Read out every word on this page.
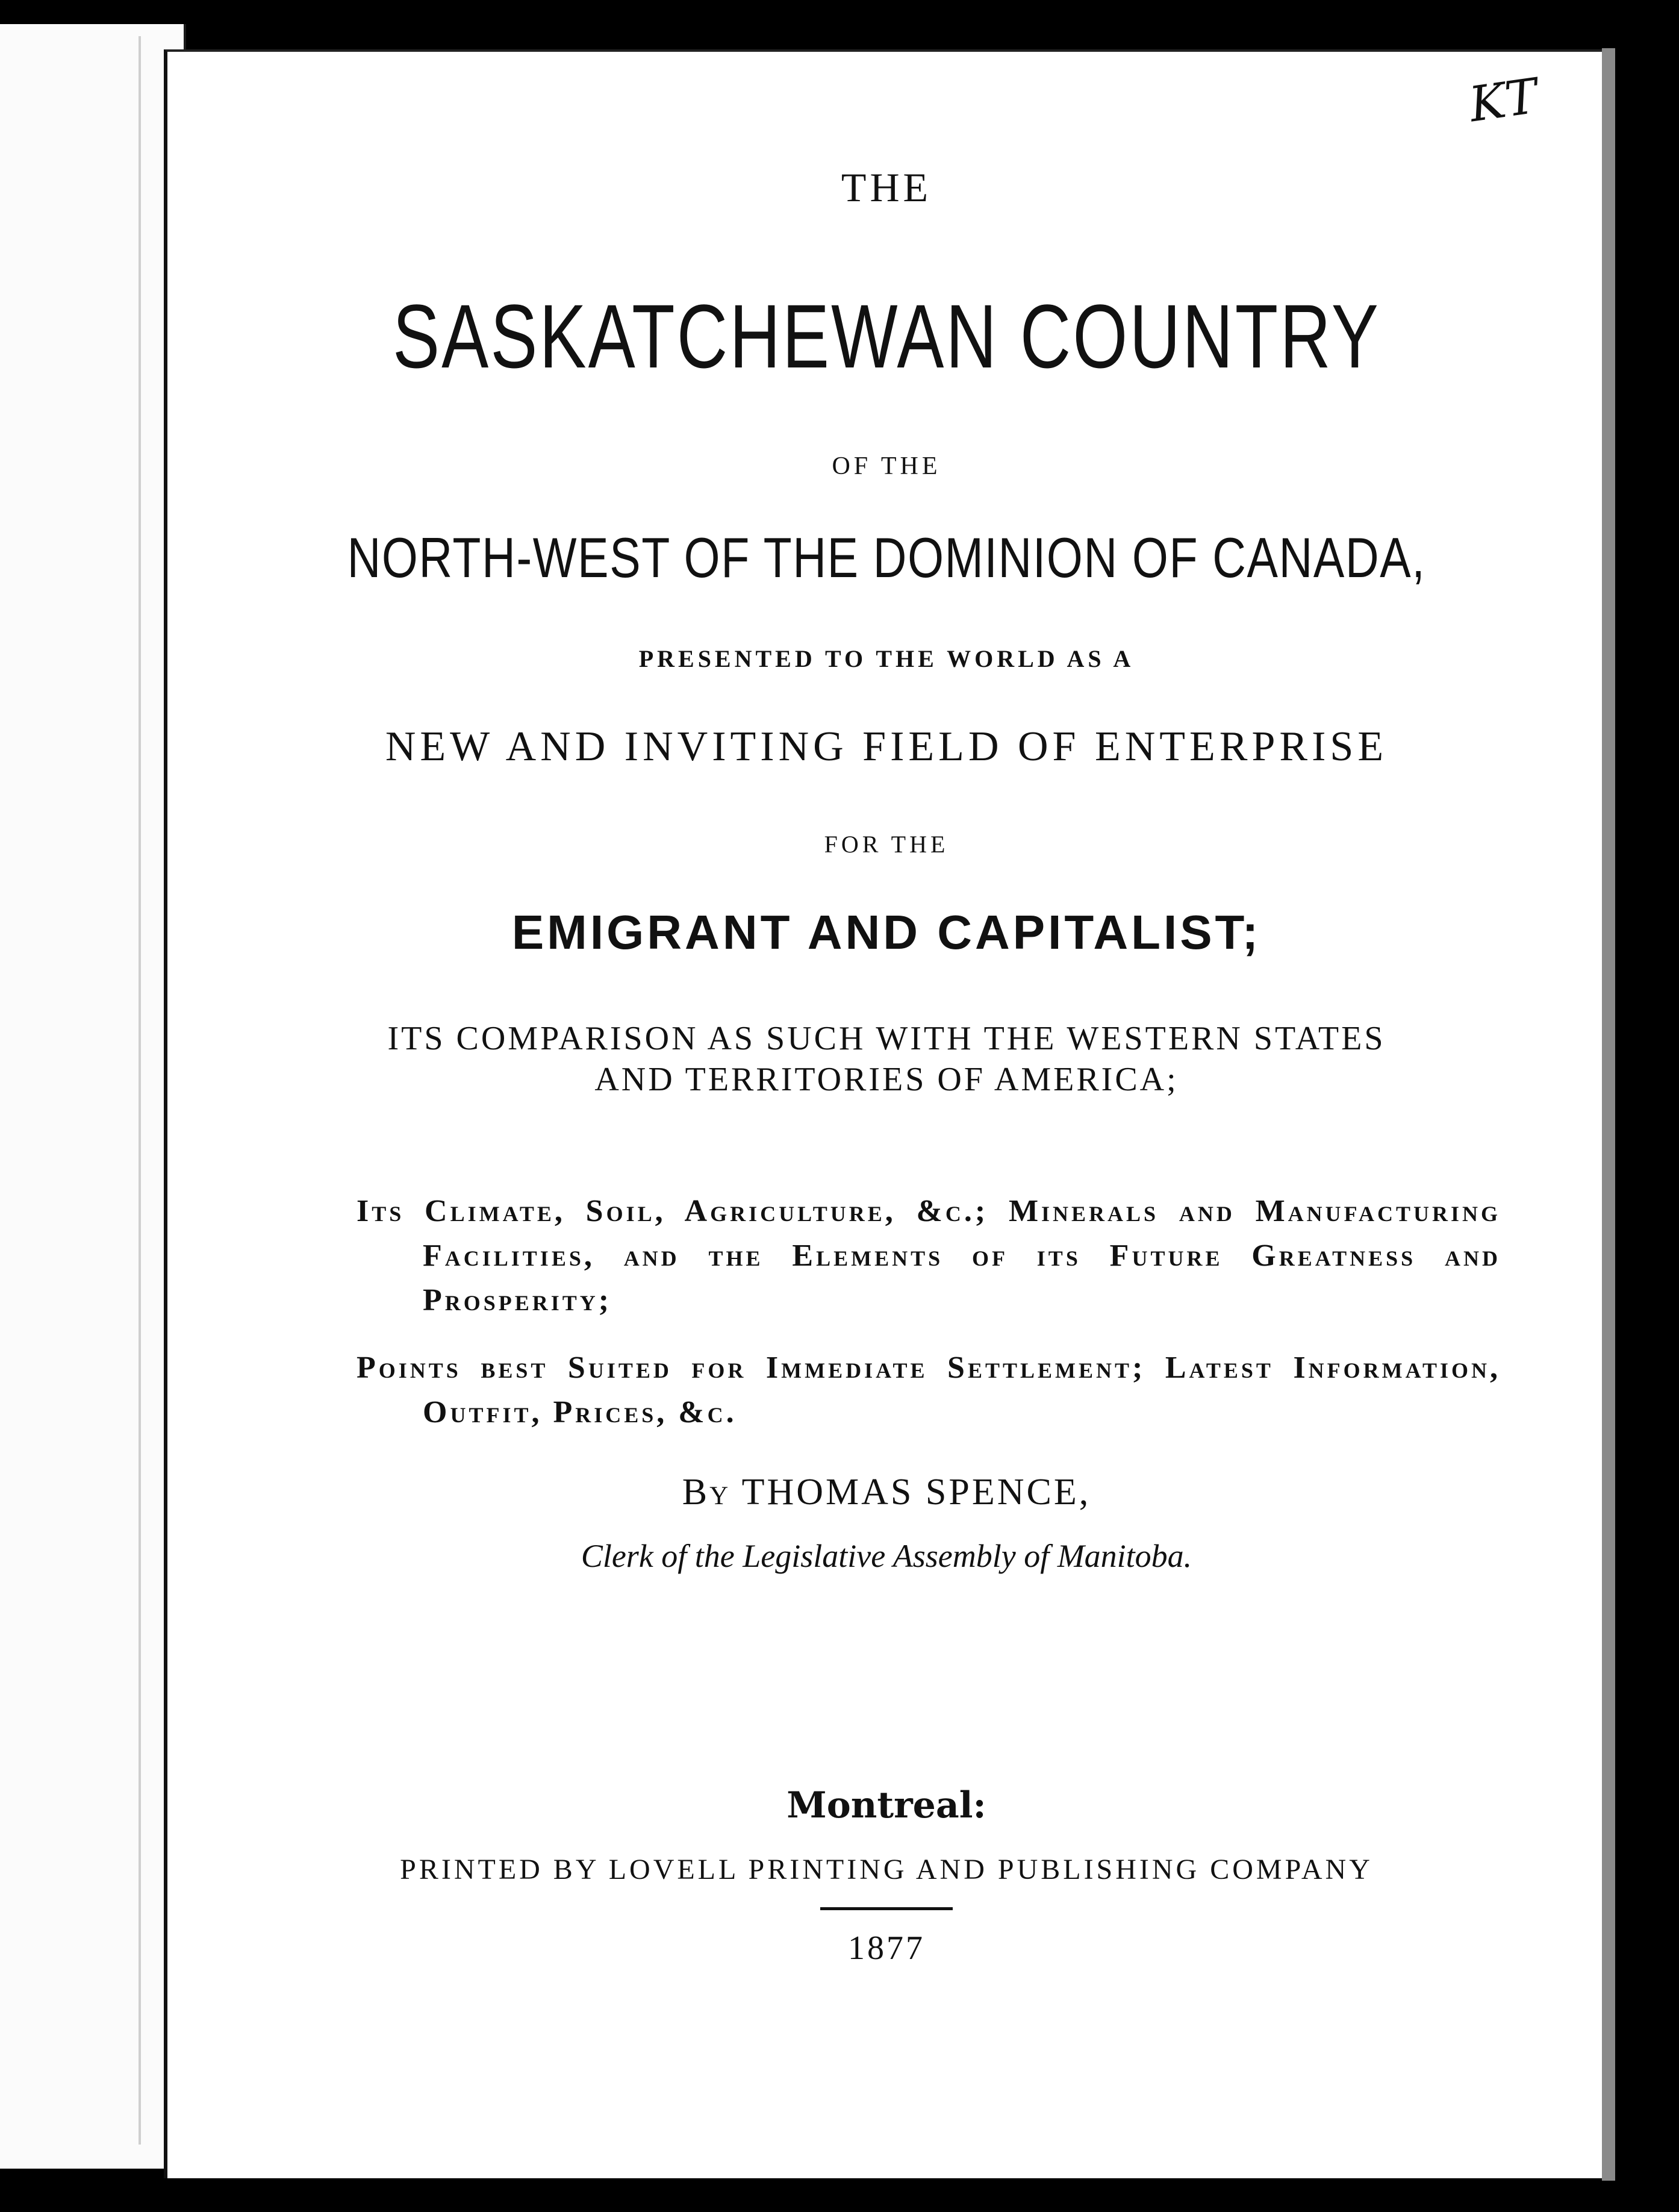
KT

THE

SASKATCHEWAN COUNTRY

OF THE

NORTH-WEST OF THE DOMINION OF CANADA,

PRESENTED TO THE WORLD AS A

NEW AND INVITING FIELD OF ENTERPRISE

FOR THE

EMIGRANT AND CAPITALIST;

ITS COMPARISON AS SUCH WITH THE WESTERN STATES
AND TERRITORIES OF AMERICA;

Its Climate, Soil, Agriculture, &c.; Minerals and Manufacturing Facilities, and the Elements of its Future Greatness and Prosperity;

Points best Suited for Immediate Settlement; Latest Information, Outfit, Prices, &c.

By THOMAS SPENCE,

Clerk of the Legislative Assembly of Manitoba.

Montreal:

PRINTED BY LOVELL PRINTING AND PUBLISHING COMPANY

1877
